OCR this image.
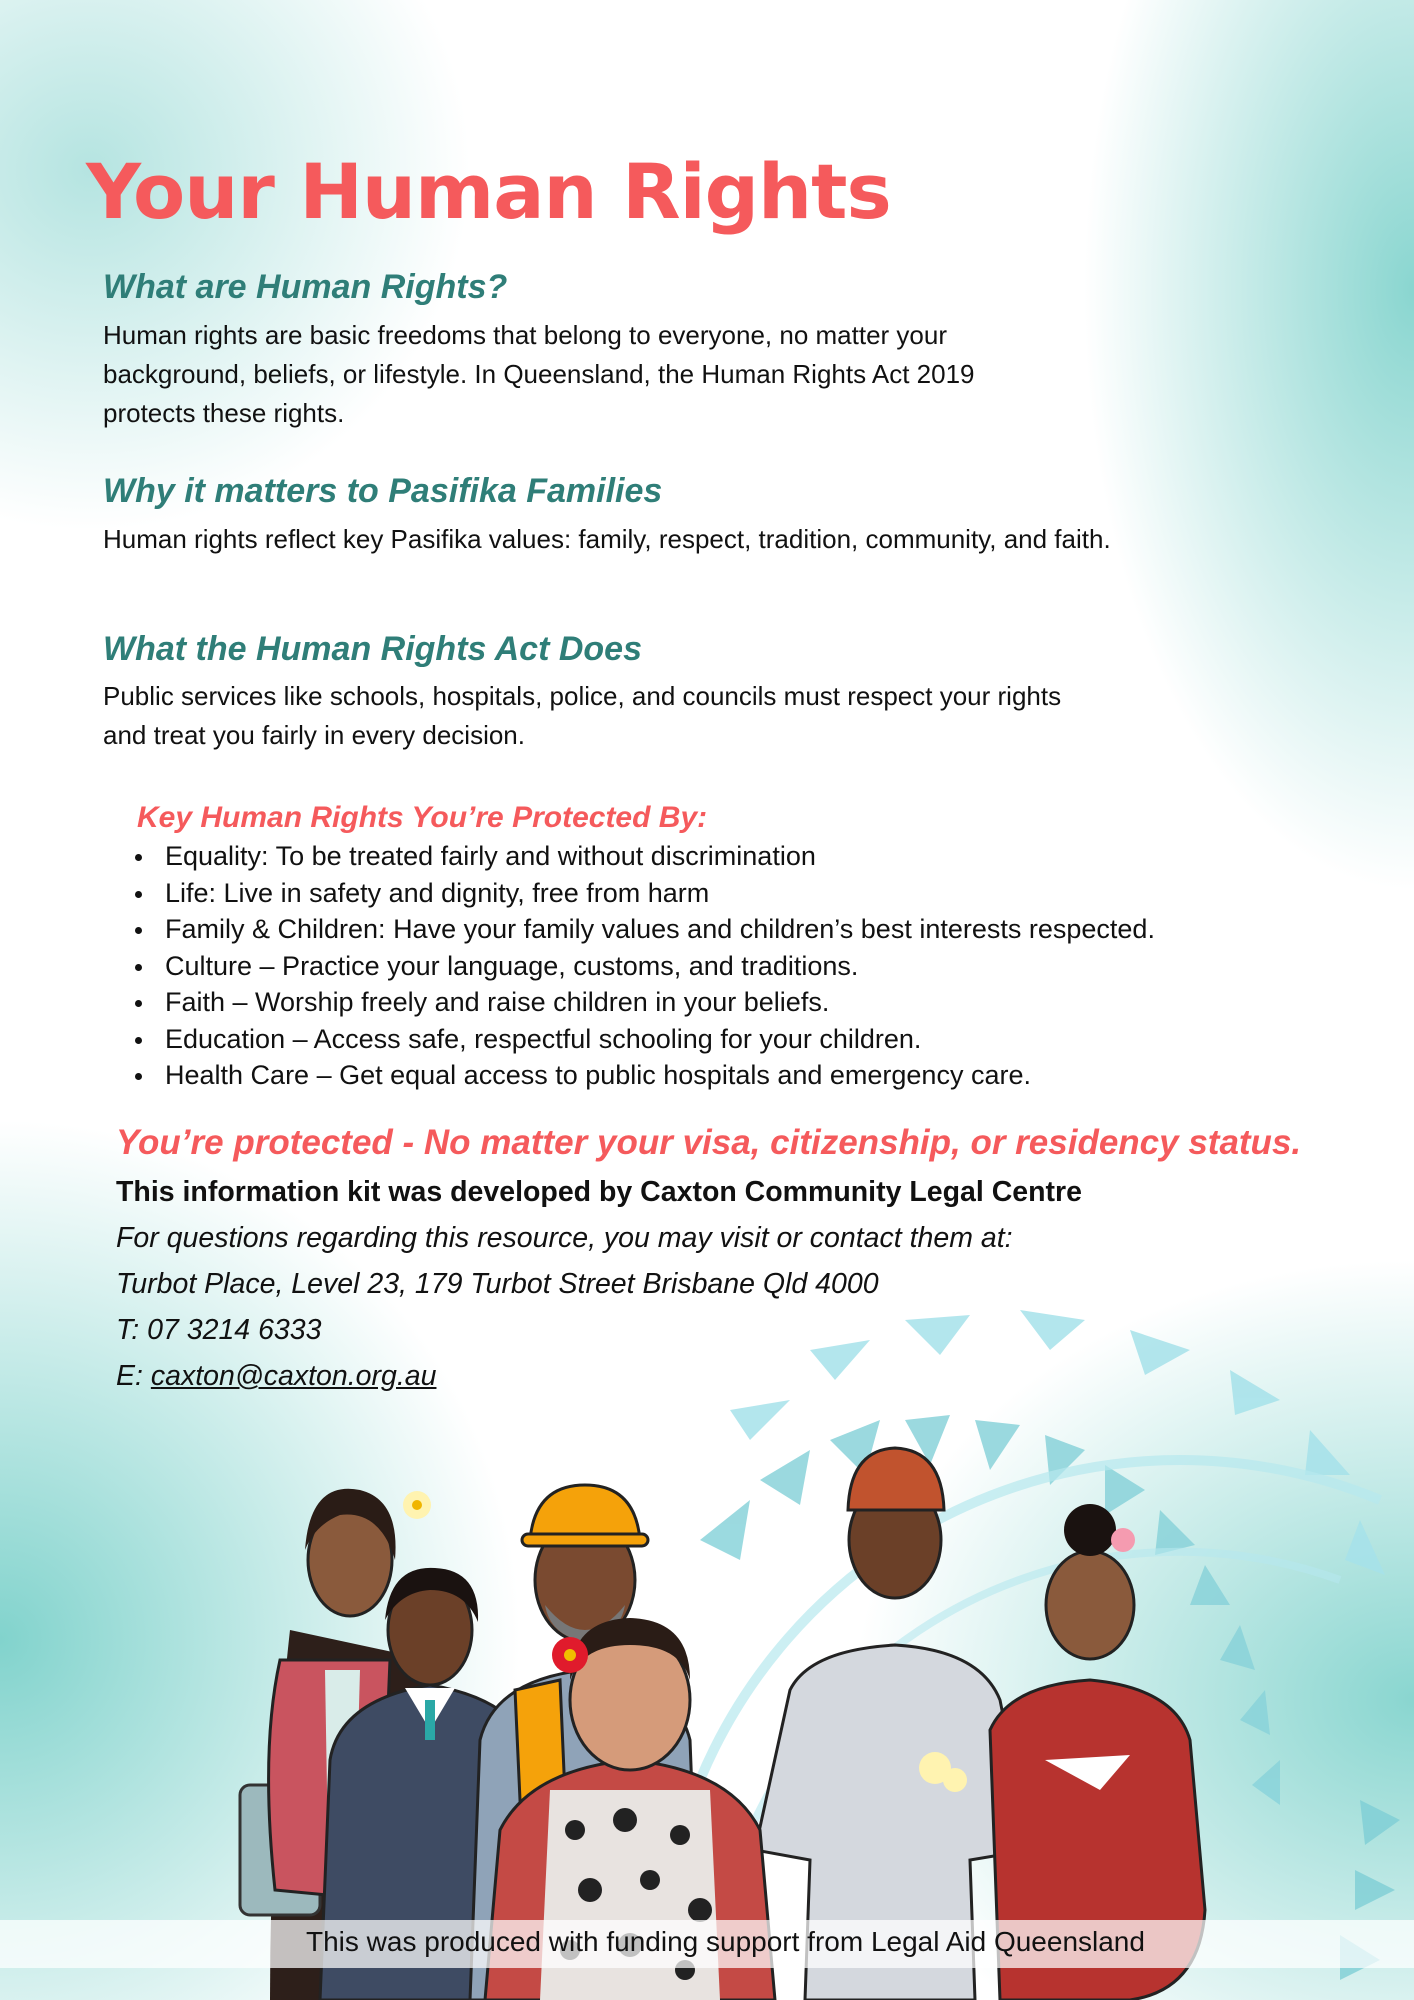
Your Human Rights
What are Human Rights?
Human rights are basic freedoms that belong to everyone, no matter your
background, beliefs, or lifestyle. In Queensland, the Human Rights Act 2019
protects these rights.
Why it matters to Pasifika Families
Human rights reflect key Pasifika values: family, respect, tradition, community, and faith.
What the Human Rights Act Does
Public services like schools, hospitals, police, and councils must respect your rights
and treat you fairly in every decision.
Key Human Rights You’re Protected By:
Equality: To be treated fairly and without discrimination
Life: Live in safety and dignity, free from harm
Family & Children: Have your family values and children’s best interests respected.
Culture – Practice your language, customs, and traditions.
Faith – Worship freely and raise children in your beliefs.
Education – Access safe, respectful schooling for your children.
Health Care – Get equal access to public hospitals and emergency care.

You’re protected - No matter your visa, citizenship, or residency status.

This information kit was developed by Caxton Community Legal Centre

For questions regarding this resource, you may visit or contact them at:

Turbot Place, Level 23, 179 Turbot Street Brisbane Qld 4000

T: 07 3214 6333

E: caxton@caxton.org.au

This was produced with funding support from Legal Aid Queensland
